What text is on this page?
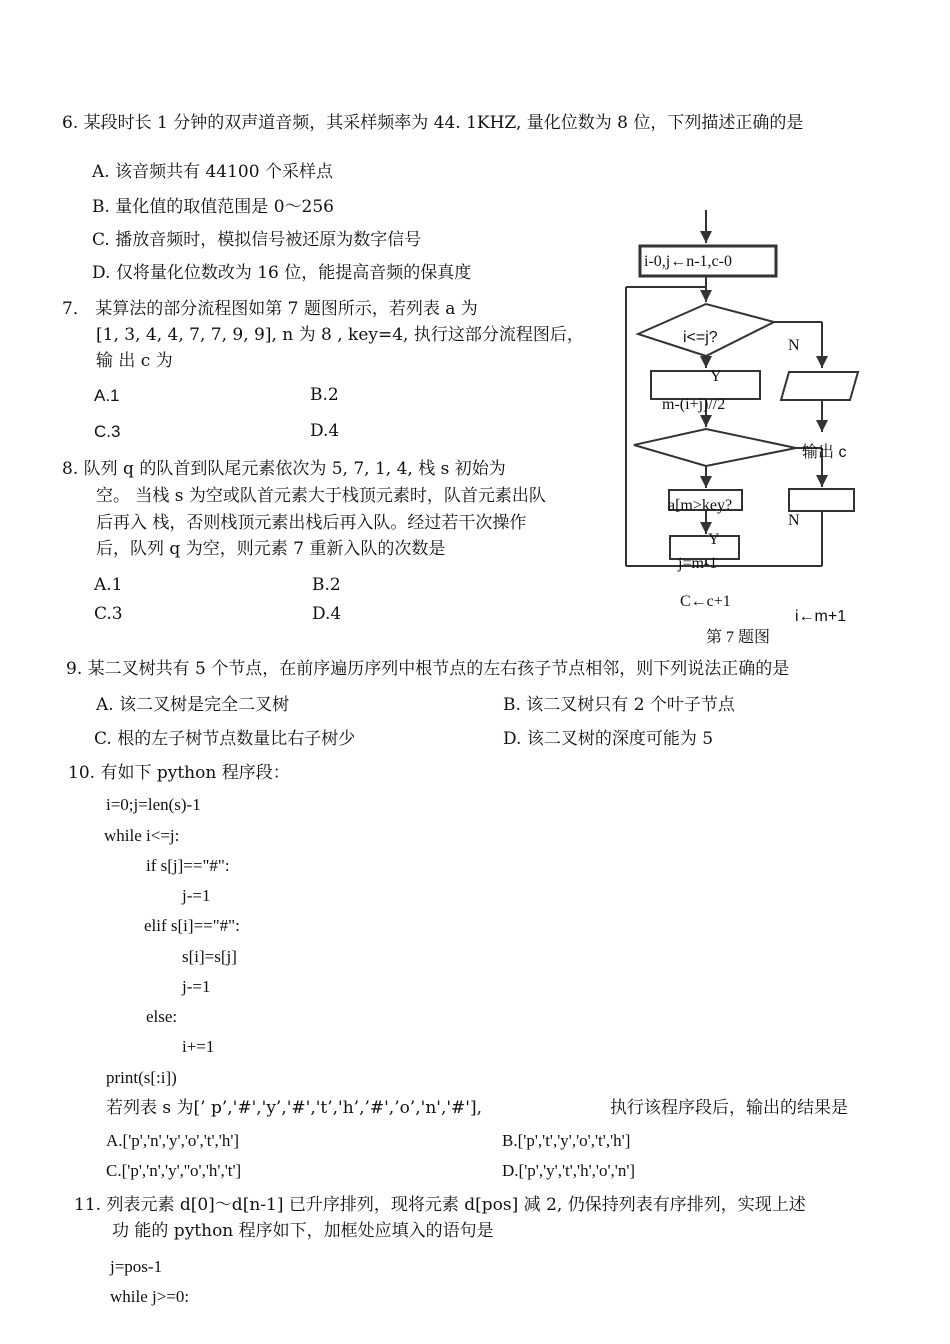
6. 某段时长 1 分钟的双声道音频，其采样频率为 44. 1KHZ, 量化位数为 8 位，下列描述正确的是
A. 该音频共有 44100 个采样点
B. 量化值的取值范围是 0～256
C. 播放音频时，模拟信号被还原为数字信号
D. 仅将量化位数改为 16 位，能提高音频的保真度
7． 某算法的部分流程图如第 7 题图所示，若列表 a 为
[1, 3, 4, 4, 7, 7, 9, 9], n 为 8 , key=4, 执行这部分流程图后，
输 出 c 为
A.1	B.2
C.3	D.4
8. 队列 q 的队首到队尾元素依次为 5, 7, 1, 4, 栈 s 初始为
空。 当栈 s 为空或队首元素大于栈顶元素时，队首元素出队
后再入 栈，否则栈顶元素出栈后再入队。经过若干次操作
后，队列 q 为空，则元素 7 重新入队的次数是
A.1	B.2
C.3	D.4
i-0,j←n-1,c-0
i<=j?	N
Y
m-(i+j)//2
输出 c
a[m>key?
N
Y
j=m-1
C←c+1
i←m+1
第 7 题图
9. 某二叉树共有 5 个节点，在前序遍历序列中根节点的左右孩子节点相邻，则下列说法正确的是
A. 该二叉树是完全二叉树	B. 该二叉树只有 2 个叶子节点
C. 根的左子树节点数量比右子树少	D. 该二叉树的深度可能为 5
10. 有如下 python 程序段：
i=0;j=len(s)-1
while i<=j:
if s[j]=="#":
j-=1
elif s[i]=="#":
s[i]=s[j]
j-=1
else:
i+=1
print(s[:i])
若列表 s 为[’ p’,'#','y’,'#','t’,'h’,’#',’o’,'n','#'],	执行该程序段后，输出的结果是
A.['p','n','y','o','t','h']	B.['p','t','y','o','t','h']
C.['p','n','y',''o','h','t']	D.['p','y','t','h','o','n']
11. 列表元素 d[0]～d[n-1] 已升序排列，现将元素 d[pos] 减 2, 仍保持列表有序排列，实现上述
功 能的 python 程序如下，加框处应填入的语句是
j=pos-1
while j>=0:
